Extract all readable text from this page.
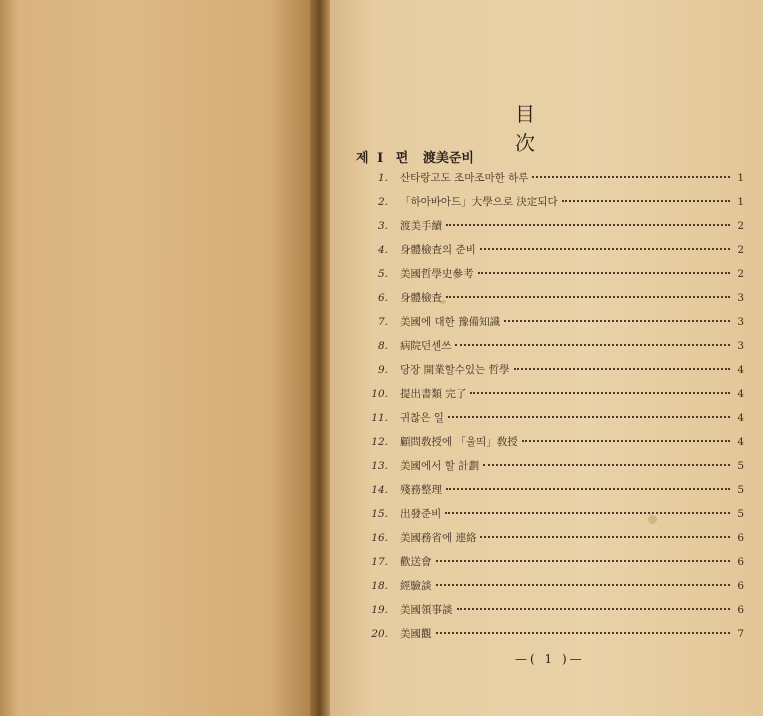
目 次
제 Ⅰ 편 渡美준비
1. 산타랑고도 조마조마한 하루	1
2. 「하아바아드」大學으로 決定되다	1
3. 渡美手續	2
4. 身體檢査의 준비	2
5. 美國哲學史參考	2
6. 身體檢査	3
7. 美國에 대한 豫備知識	3
8. 病院던센쓰	3
9. 당장 開業할수있는 哲學	4
10. 提出書類 完了	4
11. 귀찮은 일	4
12. 顧問敎授에 「울띄」敎授	4
13. 美國에서 할 計劃	5
14. 殘務整理	5
15. 出發준비	5
16. 美國務省에 連絡	6
17. 歡送會	6
18. 經驗談	6
19. 美國領事談	6
20. 美國觀	7
—( 1 )—
